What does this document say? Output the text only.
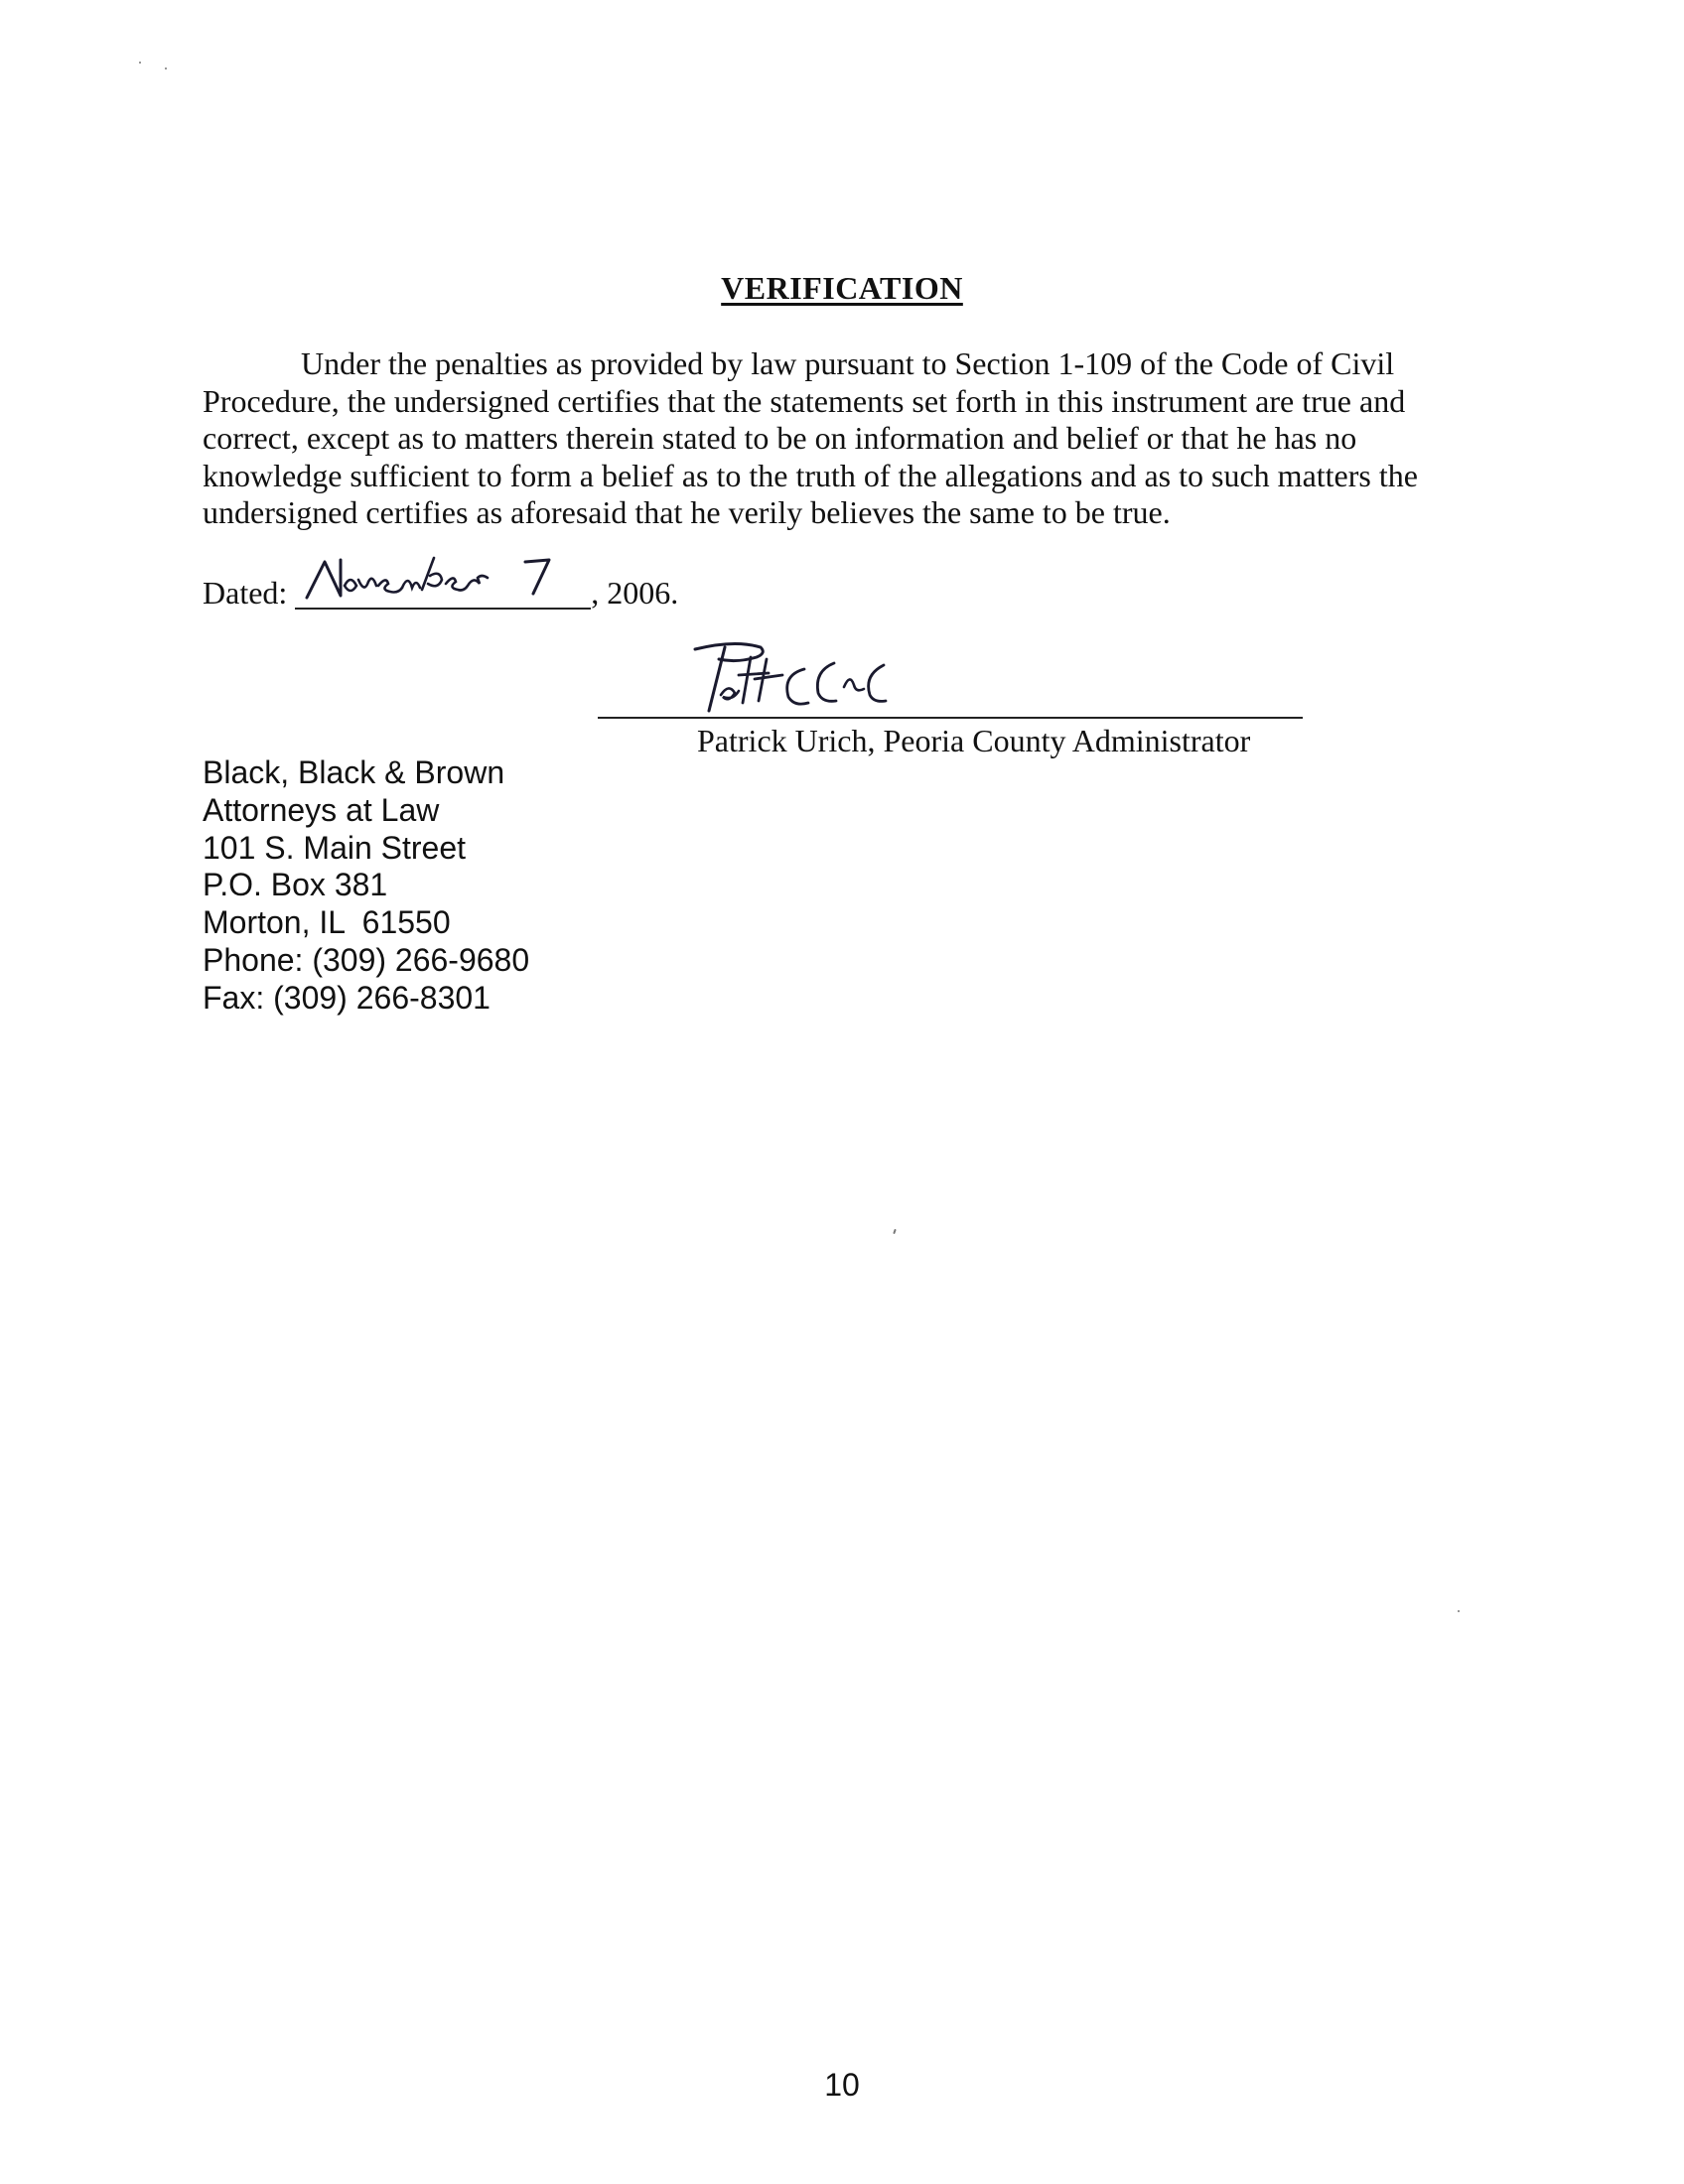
VERIFICATION
Under the penalties as provided by law pursuant to Section 1-109 of the Code of Civil Procedure, the undersigned certifies that the statements set forth in this instrument are true and correct, except as to matters therein stated to be on information and belief or that he has no knowledge sufficient to form a belief as to the truth of the allegations and as to such matters the undersigned certifies as aforesaid that he verily believes the same to be true.
Dated:	, 2006.
Patrick Urich, Peoria County Administrator
Black, Black & Brown
Attorneys at Law
101 S. Main Street
P.O. Box 381
Morton, IL  61550
Phone: (309) 266-9680
Fax: (309) 266-8301
10
